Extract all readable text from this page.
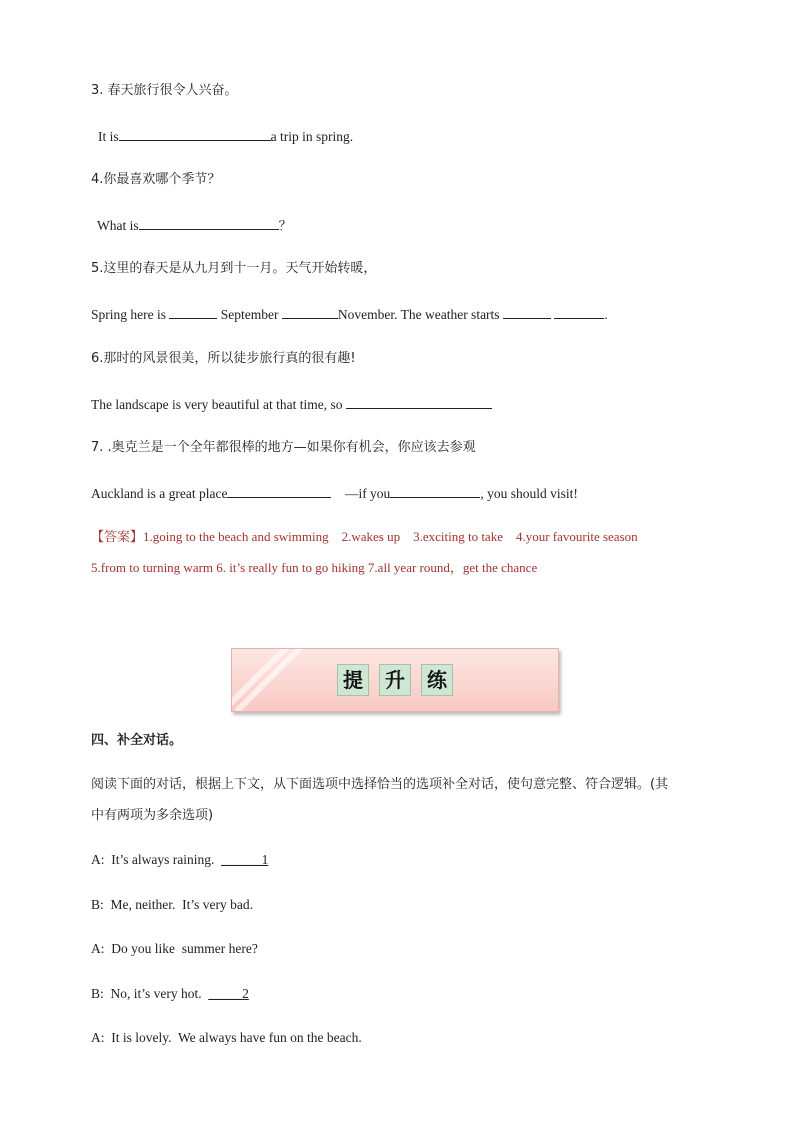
3. 春天旅行很令人兴奋。
It is	a trip in spring.
4.你最喜欢哪个季节？
What is	？
5.这里的春天是从九月到十一月。天气开始转暖，
Spring here is	September	November. The weather starts	.
6.那时的风景很美，所以徒步旅行真的很有趣!
The landscape is very beautiful at that time, so
7. .奥克兰是一个全年都很棒的地方—如果你有机会，你应该去参观
Auckland is a great place	—if you	, you should visit!
【答案】1.going to the beach and swimming    2.wakes up    3.exciting to take    4.your favourite season
5.from to turning warm 6. it’s really fun to go hiking 7.all year round，get the chance
提	升	练
四、补全对话。
阅读下面的对话，根据上下文，从下面选项中选择恰当的选项补全对话，使句意完整、符合逻辑。(其
中有两项为多余选项)
A:  It’s always raining.  ______1
B:  Me, neither.  It’s very bad.
A:  Do you like  summer here?
B:  No, it’s very hot.  _____2
A:  It is lovely.  We always have fun on the beach.
